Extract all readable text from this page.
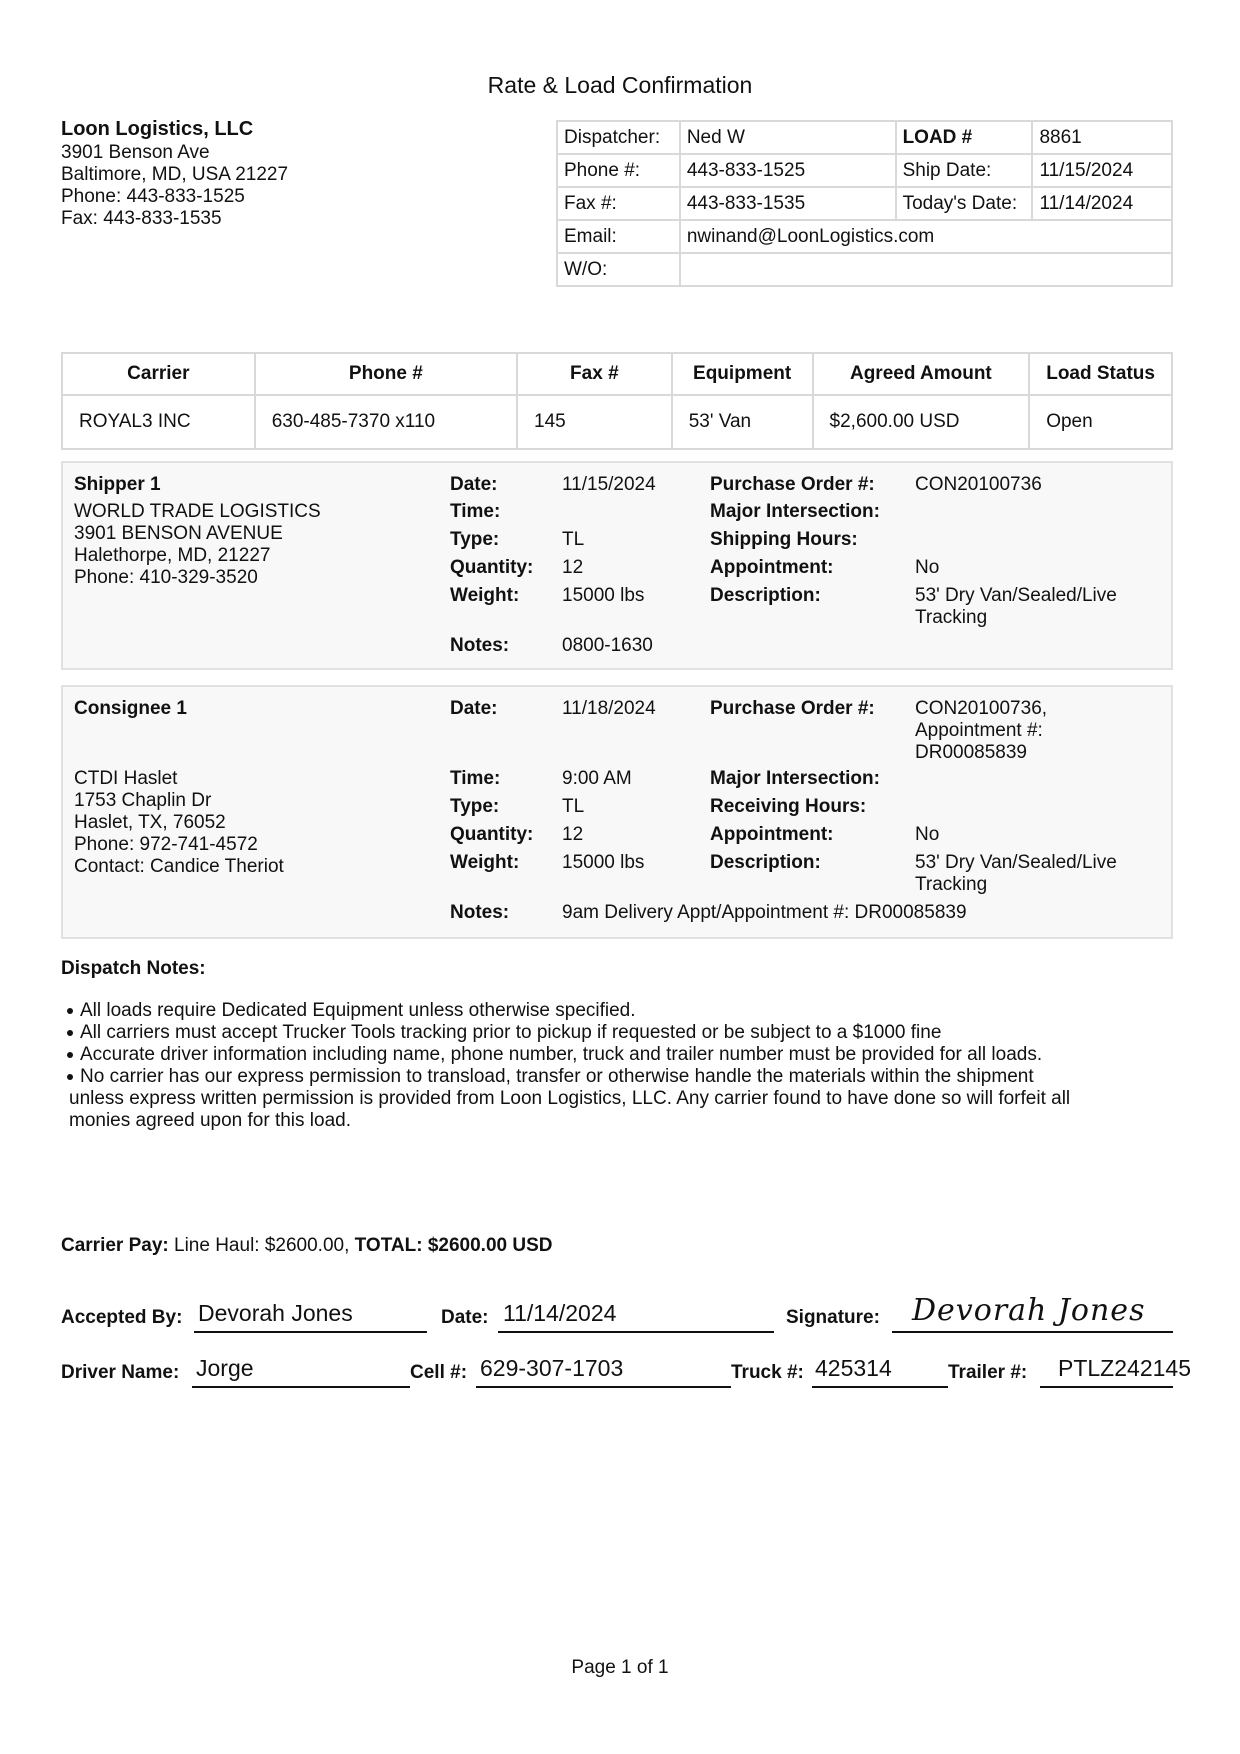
Rate & Load Confirmation
Loon Logistics, LLC
3901 Benson Ave
Baltimore, MD, USA 21227
Phone: 443-833-1525
Fax: 443-833-1535
Dispatcher:	Ned W	LOAD #	8861
Phone #:	443-833-1525	Ship Date:	11/15/2024
Fax #:	443-833-1535	Today's Date:	11/14/2024
Email:	nwinand@LoonLogistics.com		
W/O:			
Carrier	Phone #	Fax #	Equipment	Agreed Amount	Load Status
ROYAL3 INC	630-485-7370 x110	145	53' Van	$2,600.00 USD	Open
Shipper 1
WORLD TRADE LOGISTICS
3901 BENSON AVENUE
Halethorpe, MD, 21227
Phone: 410-329-3520
Date:	11/15/2024
Time:
Type:	TL
Quantity: 12
Weight: 15000 lbs
Notes:	0800-1630
Purchase Order #: CON20100736
Major Intersection:
Shipping Hours:
Appointment:	No
Description:	53' Dry Van/Sealed/Live
Tracking
Consignee 1
CTDI Haslet
1753 Chaplin Dr
Haslet, TX, 76052
Phone: 972-741-4572
Contact: Candice Theriot
Date:	11/18/2024
Time:	9:00 AM
Type:	TL
Quantity: 12
Weight: 15000 lbs
Notes:	9am Delivery Appt/Appointment #: DR00085839
Purchase Order #: CON20100736,
Appointment #:
DR00085839
Major Intersection:
Receiving Hours:
Appointment:	No
Description:	53' Dry Van/Sealed/Live
Tracking
Dispatch Notes:
All loads require Dedicated Equipment unless otherwise specified.
All carriers must accept Trucker Tools tracking prior to pickup if requested or be subject to a $1000 fine
Accurate driver information including name, phone number, truck and trailer number must be provided for all loads.
No carrier has our express permission to transload, transfer or otherwise handle the materials within the shipment
unless express written permission is provided from Loon Logistics, LLC. Any carrier found to have done so will forfeit all
monies agreed upon for this load.
Carrier Pay: Line Haul: $2600.00, TOTAL: $2600.00 USD
Accepted By: Devorah Jones	Date: 11/14/2024	Signature: Devorah Jones
Driver Name: Jorge	Cell #: 629-307-1703	Truck #: 425314	Trailer #: PTLZ242145
Page 1 of 1
